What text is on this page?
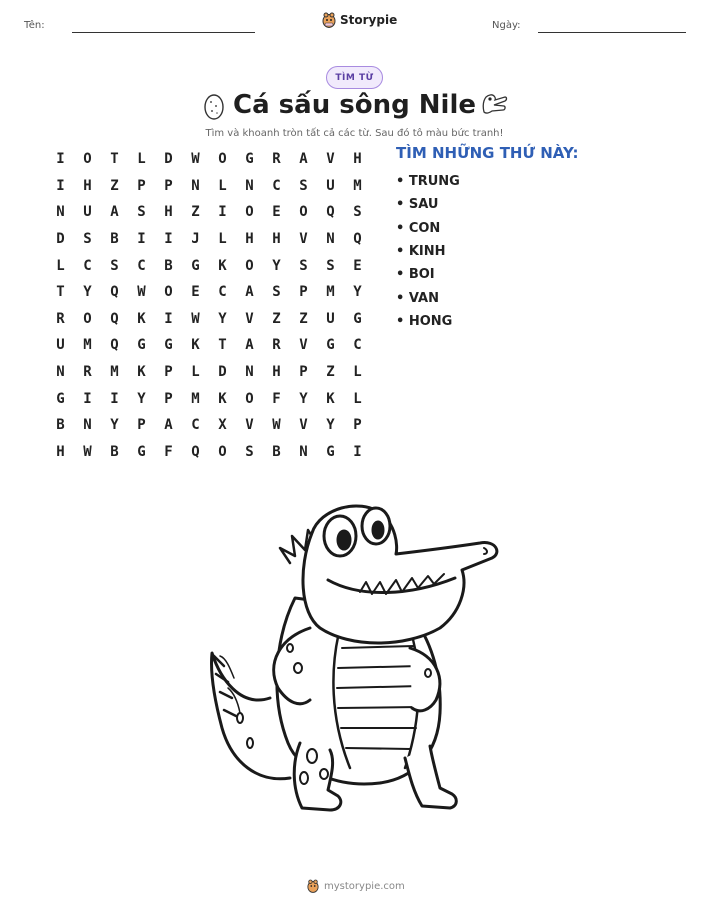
Tên:	Storypie	Ngày:
TÌM TỪ
Cá sấu sông Nile
Tìm và khoanh tròn tất cả các từ. Sau đó tô màu bức tranh!
I	O	T	L	D	W	O	G	R	A	V	H
I	H	Z	P	P	N	L	N	C	S	U	M
N	U	A	S	H	Z	I	O	E	O	Q	S
D	S	B	I	I	J	L	H	H	V	N	Q
L	C	S	C	B	G	K	O	Y	S	S	E
T	Y	Q	W	O	E	C	A	S	P	M	Y
R	O	Q	K	I	W	Y	V	Z	Z	U	G
U	M	Q	G	G	K	T	A	R	V	G	C
N	R	M	K	P	L	D	N	H	P	Z	L
G	I	I	Y	P	M	K	O	F	Y	K	L
B	N	Y	P	A	C	X	V	W	V	Y	P
H	W	B	G	F	Q	O	S	B	N	G	I
TÌM NHỮNG THỨ NÀY:
• TRUNG
• SAU
• CON
• KINH
• BOI
• VAN
• HONG
mystorypie.com
